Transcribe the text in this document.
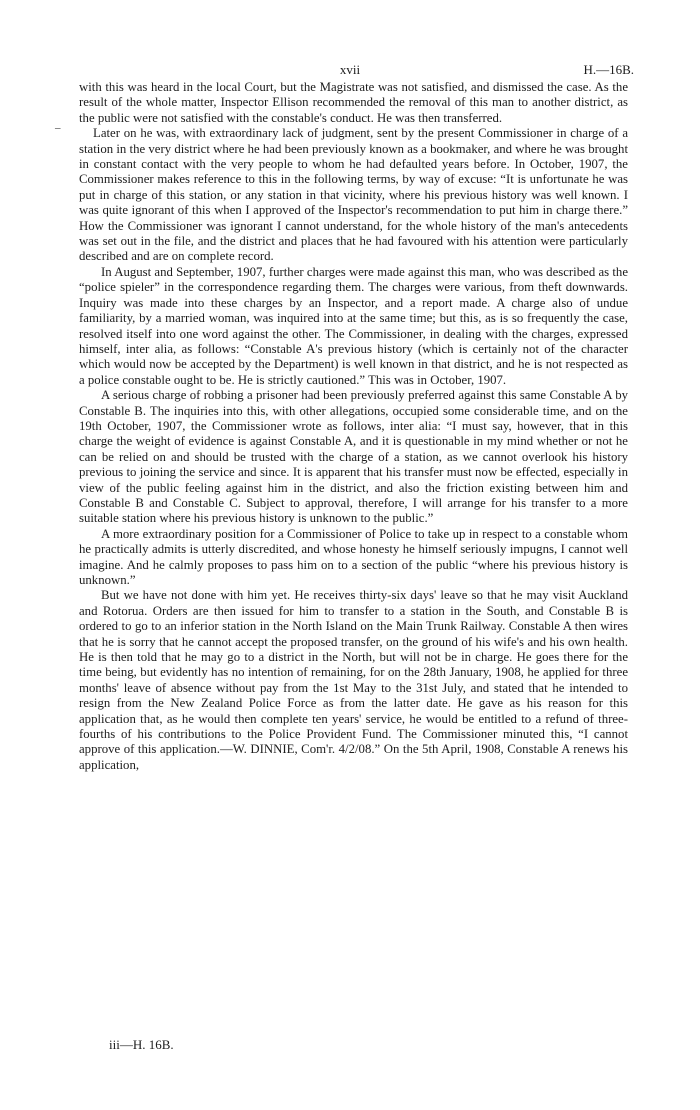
xvii	H.—16B.
–

with this was heard in the local Court, but the Magistrate was not satisfied, and dismissed the case. As the result of the whole matter, Inspector Ellison recommended the removal of this man to another district, as the public were not satisfied with the constable's conduct. He was then transferred.

Later on he was, with extraordinary lack of judgment, sent by the present Commissioner in charge of a station in the very district where he had been previously known as a bookmaker, and where he was brought in constant contact with the very people to whom he had defaulted years before. In October, 1907, the Commissioner makes reference to this in the following terms, by way of excuse: “It is unfortunate he was put in charge of this station, or any station in that vicinity, where his previous history was well known. I was quite ignorant of this when I approved of the Inspector's recommendation to put him in charge there.” How the Commissioner was ignorant I cannot understand, for the whole history of the man's antecedents was set out in the file, and the district and places that he had favoured with his attention were particularly described and are on complete record.

In August and September, 1907, further charges were made against this man, who was described as the “police spieler” in the correspondence regarding them. The charges were various, from theft downwards. Inquiry was made into these charges by an Inspector, and a report made. A charge also of undue familiarity, by a married woman, was inquired into at the same time; but this, as is so frequently the case, resolved itself into one word against the other. The Commissioner, in dealing with the charges, expressed himself, inter alia, as follows: “Constable A's previous history (which is certainly not of the character which would now be accepted by the Department) is well known in that district, and he is not respected as a police constable ought to be. He is strictly cautioned.” This was in October, 1907.

A serious charge of robbing a prisoner had been previously preferred against this same Constable A by Constable B. The inquiries into this, with other allegations, occupied some considerable time, and on the 19th October, 1907, the Commissioner wrote as follows, inter alia: “I must say, however, that in this charge the weight of evidence is against Constable A, and it is questionable in my mind whether or not he can be relied on and should be trusted with the charge of a station, as we cannot overlook his history previous to joining the service and since. It is apparent that his transfer must now be effected, especially in view of the public feeling against him in the district, and also the friction existing between him and Constable B and Constable C. Subject to approval, therefore, I will arrange for his transfer to a more suitable station where his previous history is unknown to the public.”

A more extraordinary position for a Commissioner of Police to take up in respect to a constable whom he practically admits is utterly discredited, and whose honesty he himself seriously impugns, I cannot well imagine. And he calmly proposes to pass him on to a section of the public “where his previous history is unknown.”

But we have not done with him yet. He receives thirty-six days' leave so that he may visit Auckland and Rotorua. Orders are then issued for him to transfer to a station in the South, and Constable B is ordered to go to an inferior station in the North Island on the Main Trunk Railway. Constable A then wires that he is sorry that he cannot accept the proposed transfer, on the ground of his wife's and his own health. He is then told that he may go to a district in the North, but will not be in charge. He goes there for the time being, but evidently has no intention of remaining, for on the 28th January, 1908, he applied for three months' leave of absence without pay from the 1st May to the 31st July, and stated that he intended to resign from the New Zealand Police Force as from the latter date. He gave as his reason for this application that, as he would then complete ten years' service, he would be entitled to a refund of three-fourths of his contributions to the Police Provident Fund. The Commissioner minuted this, “I cannot approve of this application.—W. DINNIE, Com'r. 4/2/08.” On the 5th April, 1908, Constable A renews his application,

iii—H. 16B.
